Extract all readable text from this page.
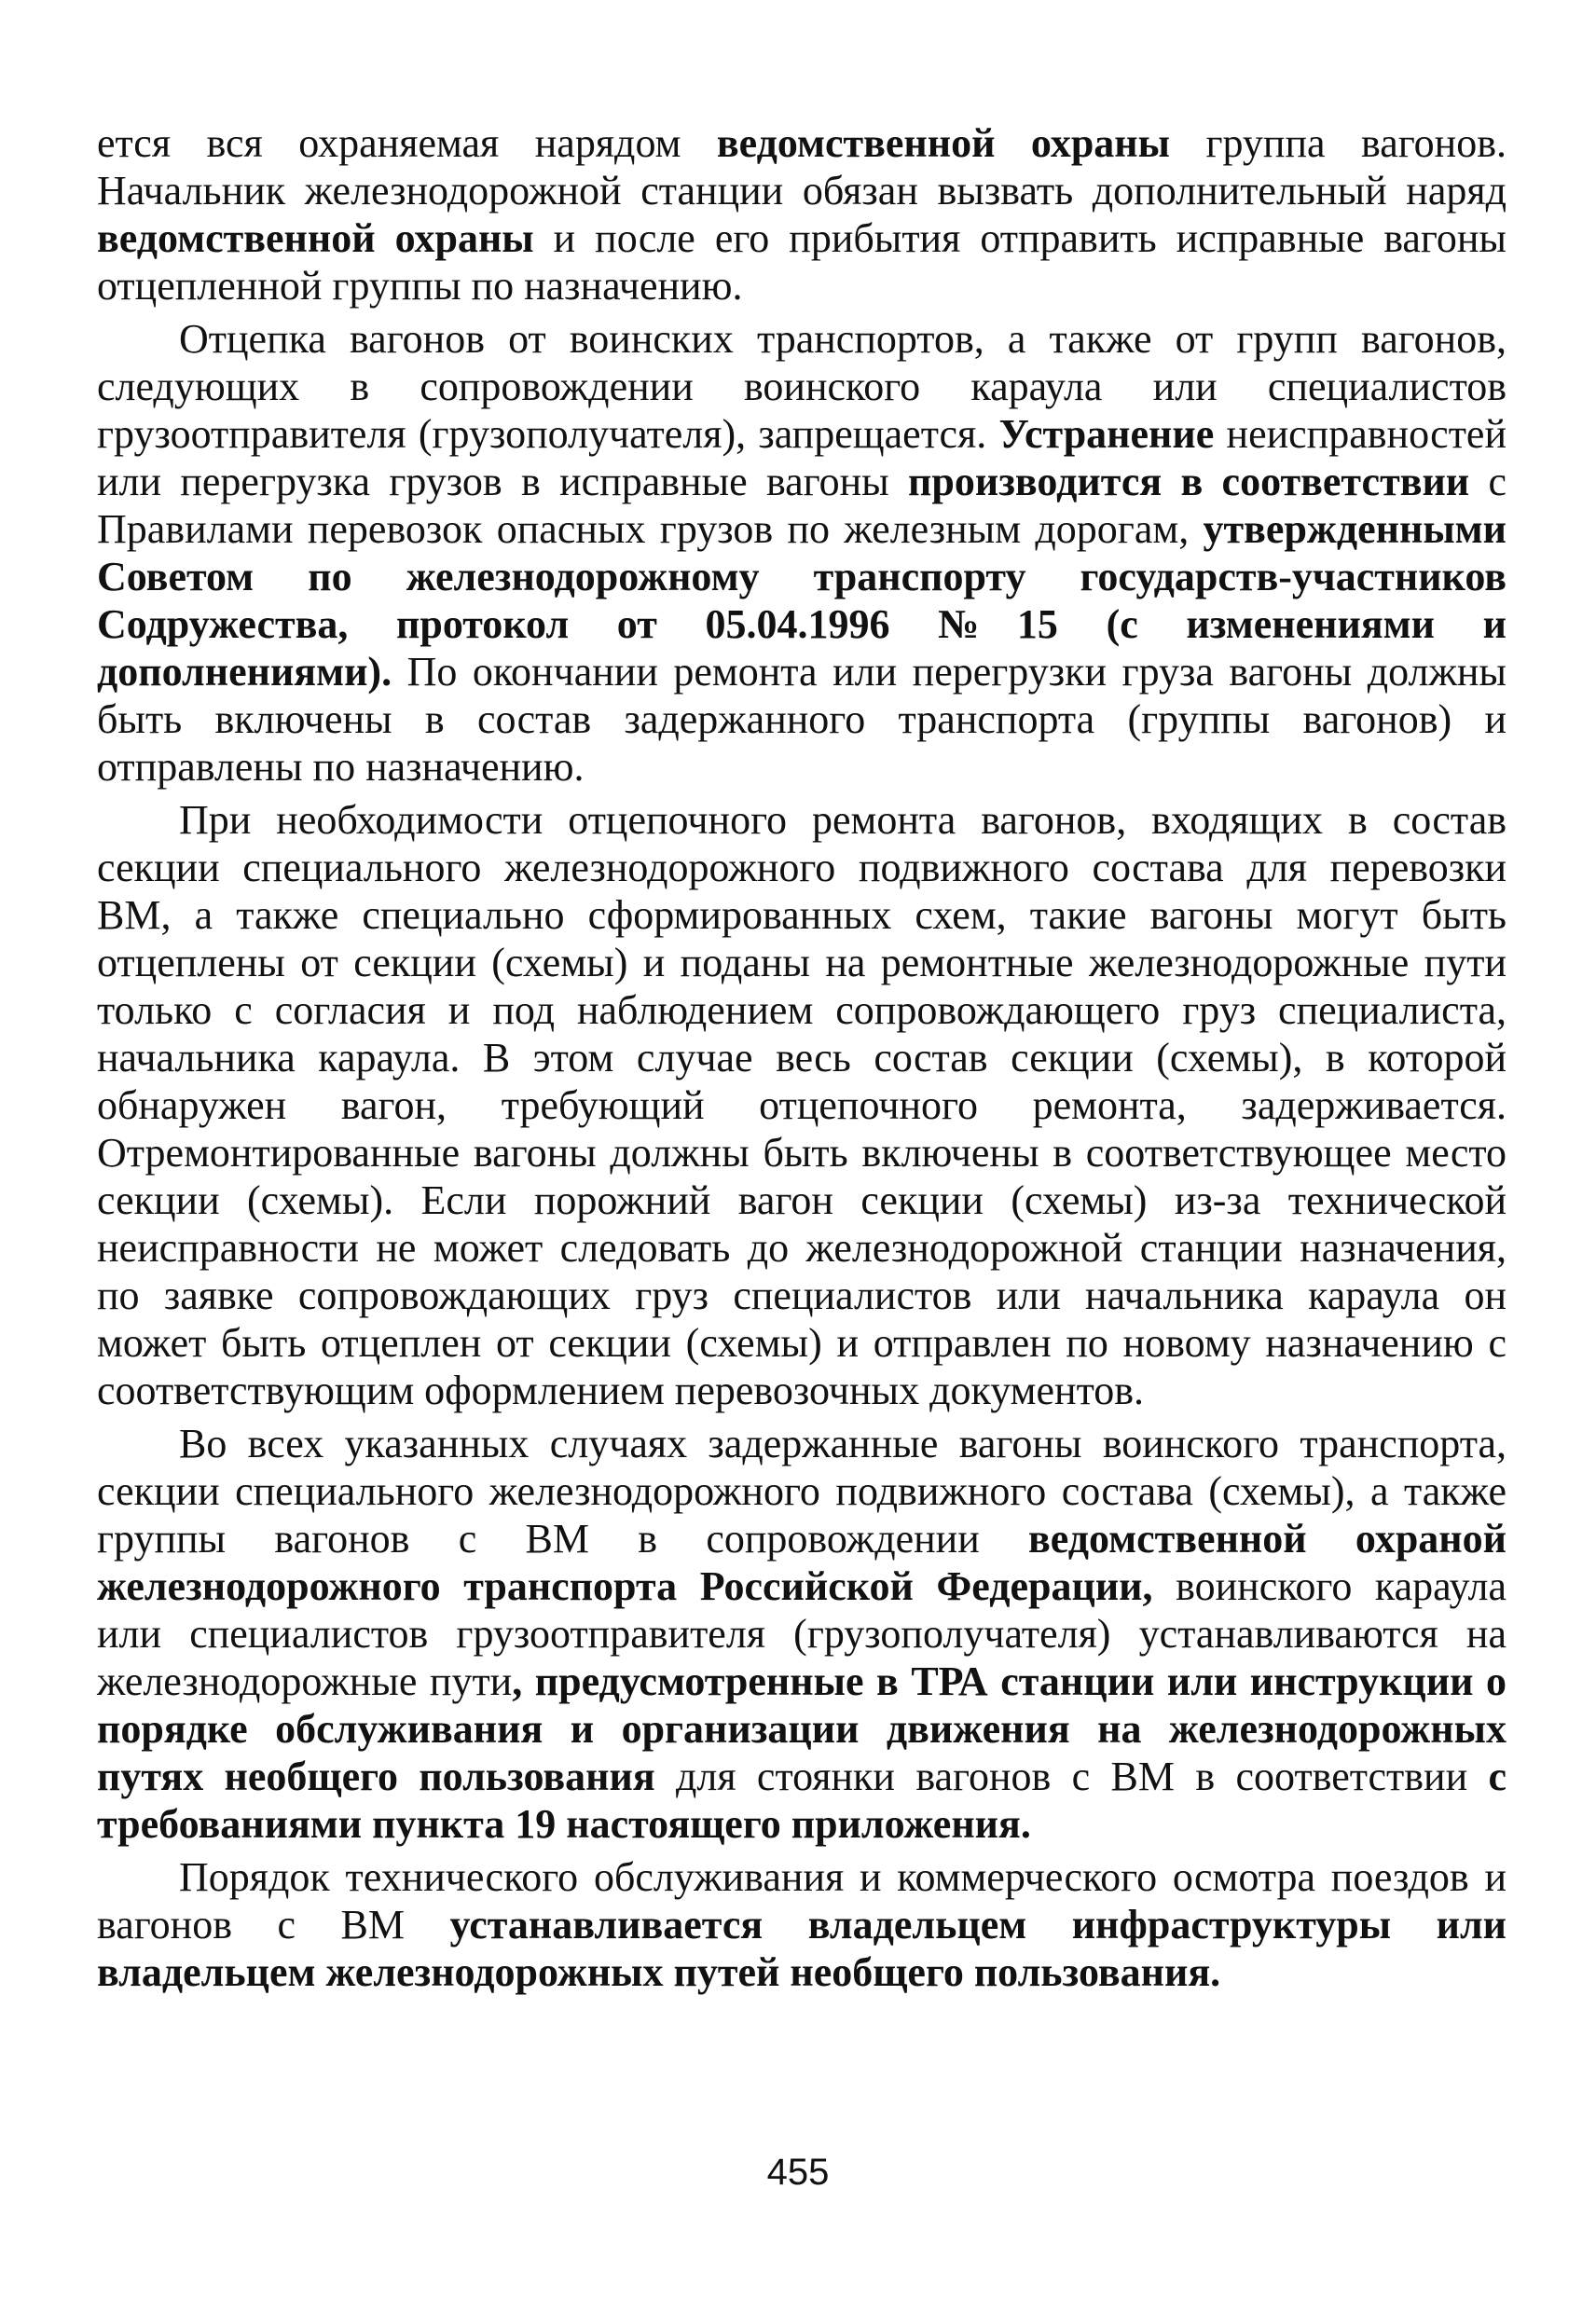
ется вся охраняемая нарядом ведомственной охраны группа вагонов. Начальник железнодорожной станции обязан вызвать дополнительный наряд ведомственной охраны и после его прибытия отправить исправные вагоны отцепленной группы по назначению.

Отцепка вагонов от воинских транспортов, а также от групп вагонов, следующих в сопровождении воинского караула или специалистов грузоотправителя (грузополучателя), запрещается. Устранение неисправностей или перегрузка грузов в исправные вагоны производится в соответствии с Правилами перевозок опасных грузов по железным дорогам, утвержденными Советом по железнодорожному транспорту государств-участников Содружества, протокол от 05.04.1996 №15 (с изменениями и дополнениями). По окончании ремонта или перегрузки груза вагоны должны быть включены в состав задержанного транспорта (группы вагонов) и отправлены по назначению.

При необходимости отцепочного ремонта вагонов, входящих в состав секции специального железнодорожного подвижного состава для перевозки ВМ, а также специально сформированных схем, такие вагоны могут быть отцеплены от секции (схемы) и поданы на ремонтные железнодорожные пути только с согласия и под наблюдением сопровождающего груз специалиста, начальника караула. В этом случае весь состав секции (схемы), в которой обнаружен вагон, требующий отцепочного ремонта, задерживается. Отремонтированные вагоны должны быть включены в соответствующее место секции (схемы). Если порожний вагон секции (схемы) из-за технической неисправности не может следовать до железнодорожной станции назначения, по заявке сопровождающих груз специалистов или начальника караула он может быть отцеплен от секции (схемы) и отправлен по новому назначению с соответствующим оформлением перевозочных документов.

Во всех указанных случаях задержанные вагоны воинского транспорта, секции специального железнодорожного подвижного состава (схемы), а также группы вагонов с ВМ в сопровождении ведомственной охраной железнодорожного транспорта Российской Федерации, воинского караула или специалистов грузоотправителя (грузополучателя) устанавливаются на железнодорожные пути, предусмотренные в ТРА станции или инструкции о порядке обслуживания и организации движения на железнодорожных путях необщего пользования для стоянки вагонов с ВМ в соответствии с требованиями пункта 19 настоящего приложения.

Порядок технического обслуживания и коммерческого осмотра поездов и вагонов с ВМ устанавливается владельцем инфраструктуры или владельцем железнодорожных путей необщего пользования.

455
